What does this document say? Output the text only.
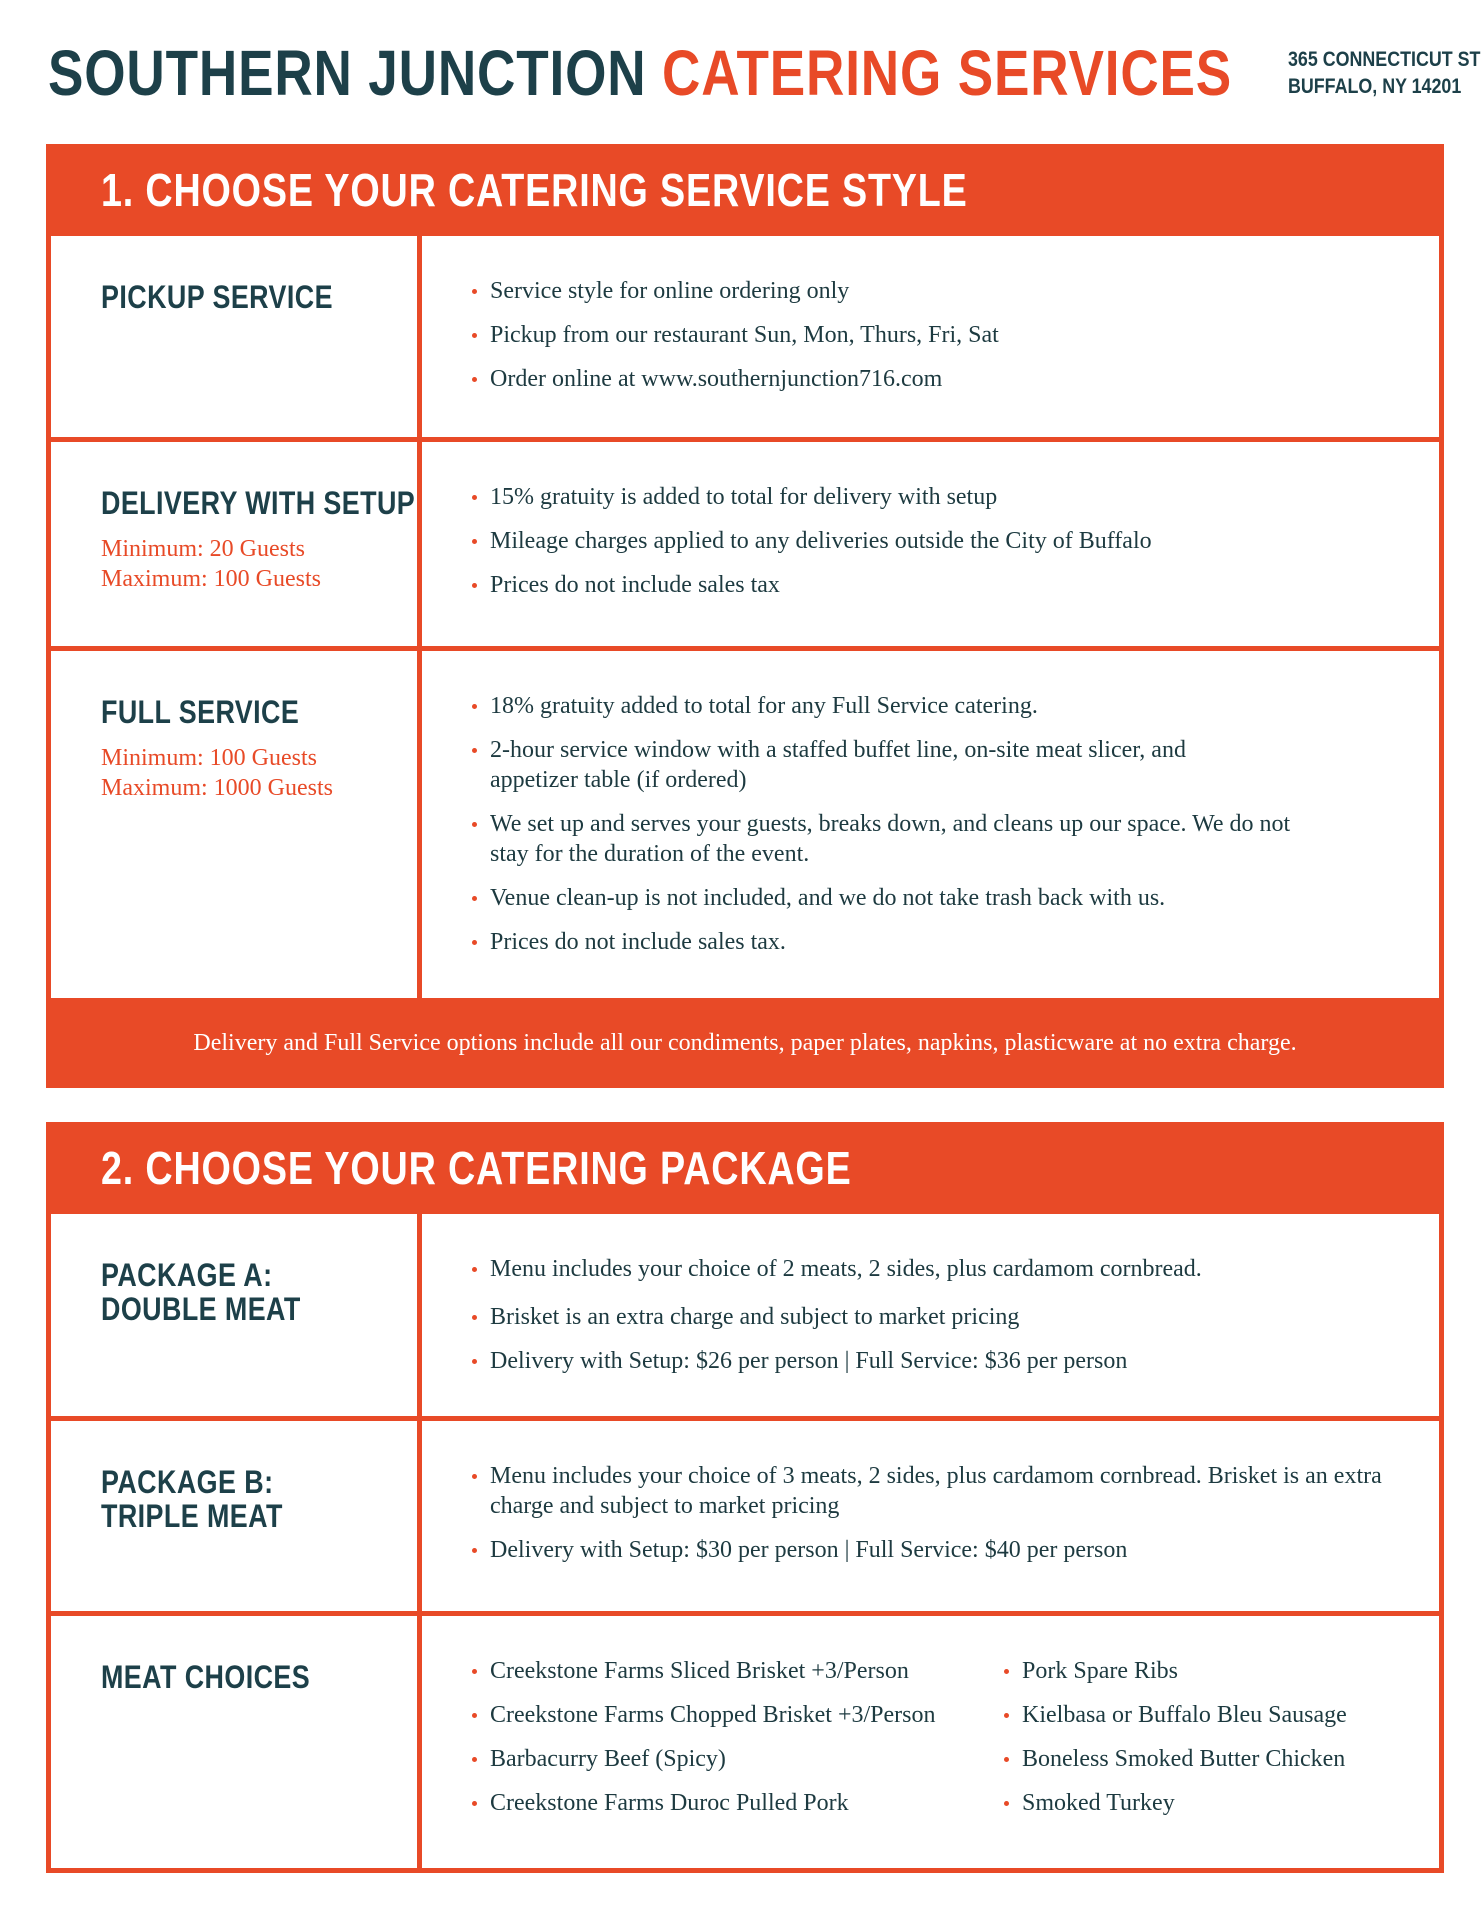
SOUTHERN JUNCTION CATERING SERVICES	365 CONNECTICUT ST
BUFFALO, NY 14201
1. CHOOSE YOUR CATERING SERVICE STYLE
PICKUP SERVICE	Service style for online ordering only
Pickup from our restaurant Sun, Mon, Thurs, Fri, Sat
Order online at www.southernjunction716.com
DELIVERY WITH SETUP
Minimum: 20 Guests
Maximum: 100 Guests
15% gratuity is added to total for delivery with setup
Mileage charges applied to any deliveries outside the City of Buffalo
Prices do not include sales tax
FULL SERVICE
Minimum: 100 Guests
Maximum: 1000 Guests
18% gratuity added to total for any Full Service catering.
2-hour service window with a staffed buffet line, on-site meat slicer, and appetizer table (if ordered)
We set up and serves your guests, breaks down, and cleans up our space. We do not stay for the duration of the event.
Venue clean-up is not included, and we do not take trash back with us.
Prices do not include sales tax.
Delivery and Full Service options include all our condiments, paper plates, napkins, plasticware at no extra charge.
2. CHOOSE YOUR CATERING PACKAGE
PACKAGE A:
DOUBLE MEAT
Menu includes your choice of 2 meats, 2 sides, plus cardamom cornbread.
Brisket is an extra charge and subject to market pricing
Delivery with Setup: $26 per person | Full Service: $36 per person
PACKAGE B:
TRIPLE MEAT
Menu includes your choice of 3 meats, 2 sides, plus cardamom cornbread. Brisket is an extra charge and subject to market pricing
Delivery with Setup: $30 per person | Full Service: $40 per person
MEAT CHOICES	Creekstone Farms Sliced Brisket +3/Person
Creekstone Farms Chopped Brisket +3/Person
Barbacurry Beef (Spicy)
Creekstone Farms Duroc Pulled Pork
Pork Spare Ribs
Kielbasa or Buffalo Bleu Sausage
Boneless Smoked Butter Chicken
Smoked Turkey
